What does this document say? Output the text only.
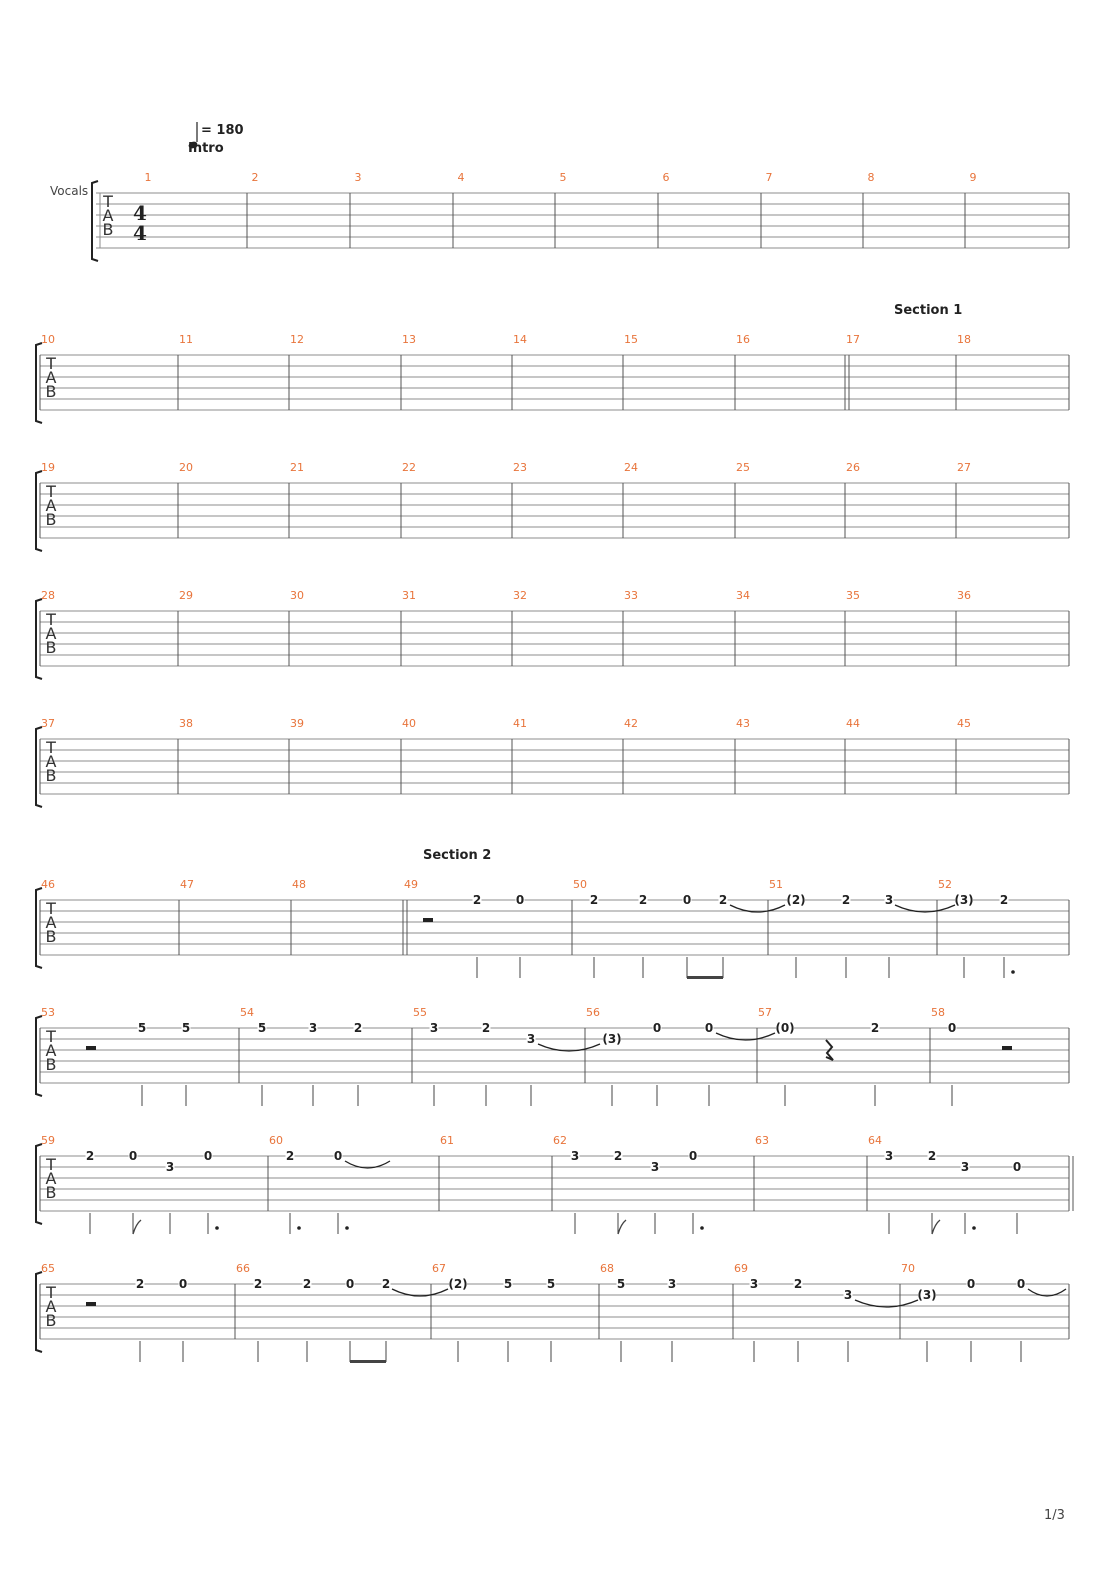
= 180
Intro
Vocals
Section 1
Section 2
T
A
B
4
4
1	2	3	4	5	6	7	8	9
T
A
B
10	11	12	13	14	15	16	17	18
T
A
B
19	20	21	22	23	24	25	26	27
T
A
B
28	29	30	31	32	33	34	35	36
T
A
B
37	38	39	40	41	42	43	44	45
T
A
B
46	47	48	49	50	51	52
T
A
B
53	54	55	56	57	58
T
A
B
59	60	61	62	63	64
T
A
B
65	66	67	68	69	70
2	0	2	2	0 2	(2)	2	3	(3) 2
5	5	5	3	2	3	2
3	(3)
0	0	(0)	2	0
2	0
3
0	2	0	3	2
3
0	3	2
3	0
2	0	2	2	0 2	(2)	5	5	5	3	3	2
3	(3)
0	0
1/3
